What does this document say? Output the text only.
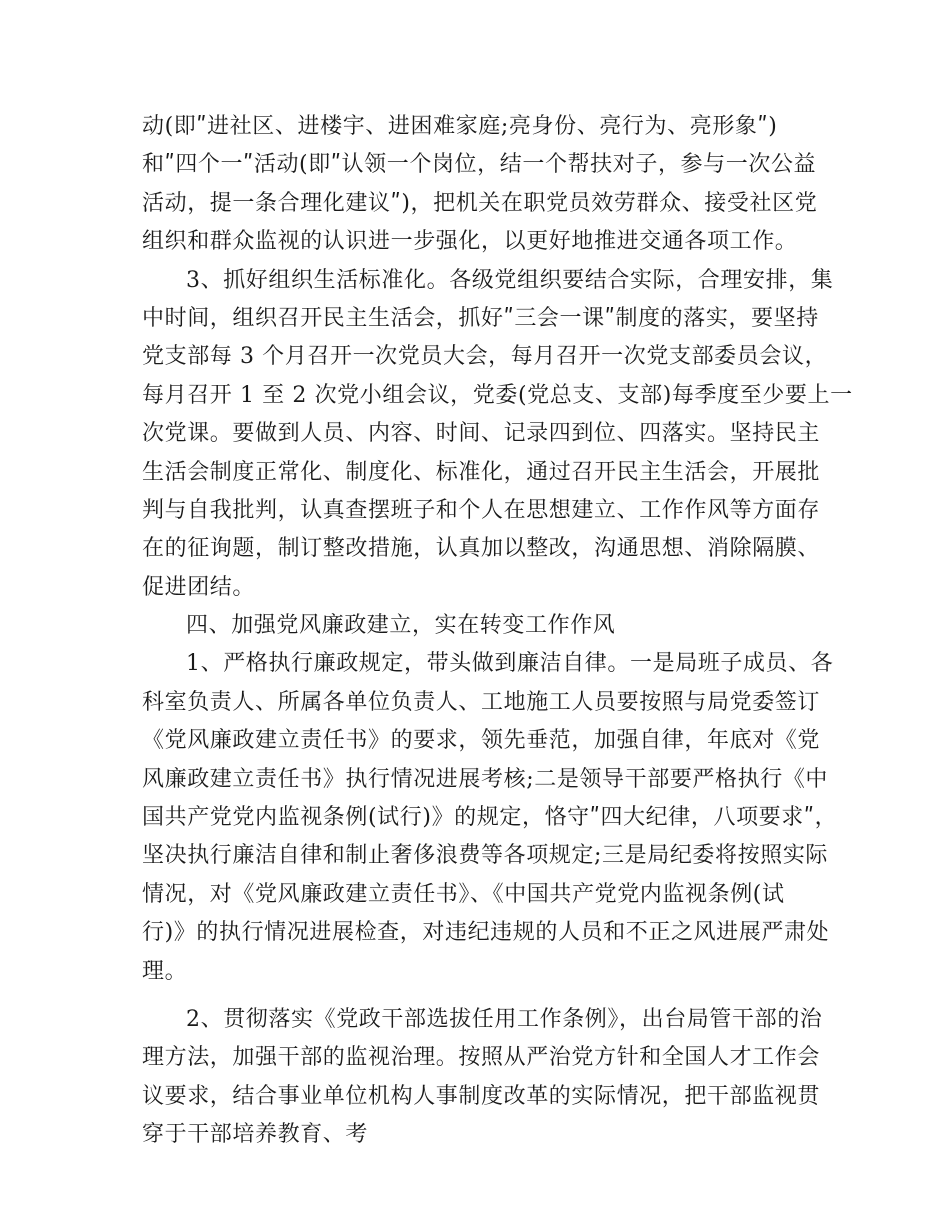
动(即ʺ进社区、进楼宇、进困难家庭;亮身份、亮行为、亮形象ʺ)
和ʺ四个一ʺ活动(即ʺ认领一个岗位，结一个帮扶对子，参与一次公益
活动，提一条合理化建议ʺ)，把机关在职党员效劳群众、接受社区党
组织和群众监视的认识进一步强化，以更好地推进交通各项工作。
3、抓好组织生活标准化。各级党组织要结合实际，合理安排，集
中时间，组织召开民主生活会，抓好ʺ三会一课ʺ制度的落实，要坚持
党支部每 3 个月召开一次党员大会，每月召开一次党支部委员会议，
每月召开 1 至 2 次党小组会议，党委(党总支、支部)每季度至少要上一
次党课。要做到人员、内容、时间、记录四到位、四落实。坚持民主
生活会制度正常化、制度化、标准化，通过召开民主生活会，开展批
判与自我批判，认真查摆班子和个人在思想建立、工作作风等方面存
在的征询题，制订整改措施，认真加以整改，沟通思想、消除隔膜、
促进团结。
四、加强党风廉政建立，实在转变工作作风
1、严格执行廉政规定，带头做到廉洁自律。一是局班子成员、各
科室负责人、所属各单位负责人、工地施工人员要按照与局党委签订
《党风廉政建立责任书》的要求，领先垂范，加强自律，年底对《党
风廉政建立责任书》执行情况进展考核;二是领导干部要严格执行《中
国共产党党内监视条例(试行)》的规定，恪守ʺ四大纪律，八项要求ʺ，
坚决执行廉洁自律和制止奢侈浪费等各项规定;三是局纪委将按照实际
情况，对《党风廉政建立责任书》、《中国共产党党内监视条例(试
行)》的执行情况进展检查，对违纪违规的人员和不正之风进展严肃处
理。
2、贯彻落实《党政干部选拔任用工作条例》，出台局管干部的治
理方法，加强干部的监视治理。按照从严治党方针和全国人才工作会
议要求，结合事业单位机构人事制度改革的实际情况，把干部监视贯
穿于干部培养教育、考
